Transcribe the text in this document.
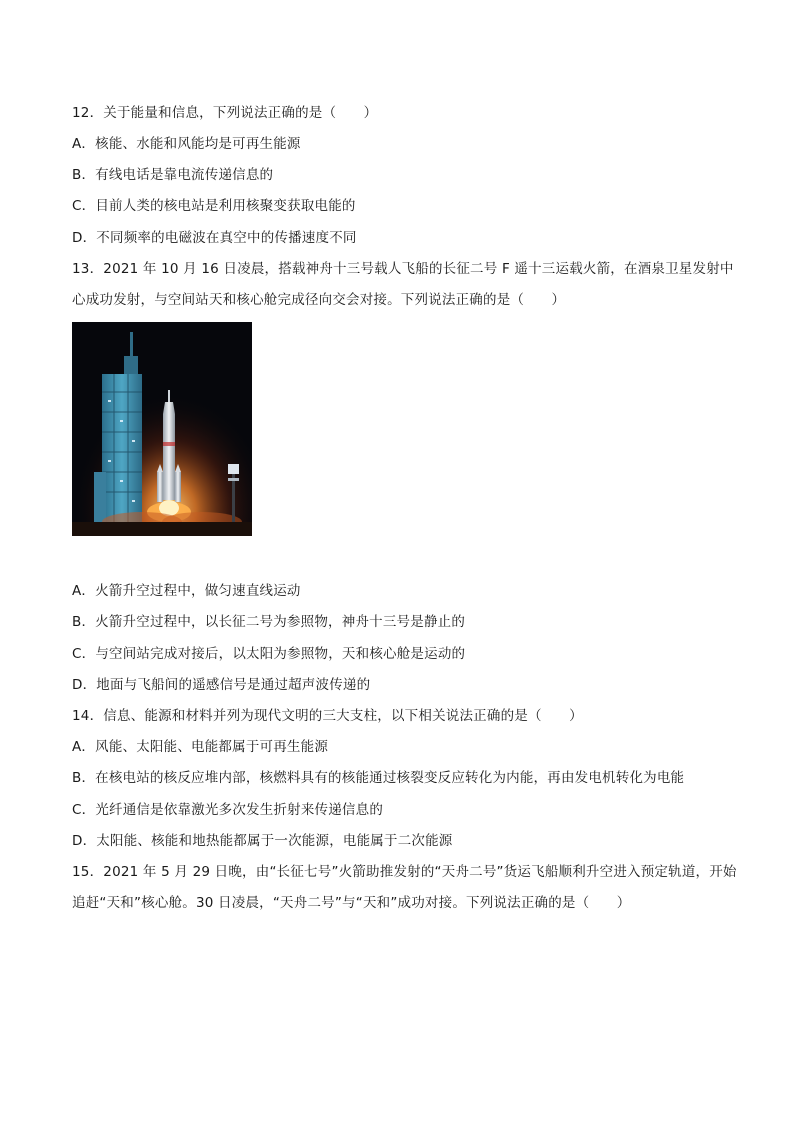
12．关于能量和信息，下列说法正确的是（　　）
A．核能、水能和风能均是可再生能源
B．有线电话是靠电流传递信息的
C．目前人类的核电站是利用核聚变获取电能的
D．不同频率的电磁波在真空中的传播速度不同
13．2021 年 10 月 16 日凌晨，搭载神舟十三号载人飞船的长征二号 F 遥十三运载火箭，在酒泉卫星发射中
心成功发射，与空间站天和核心舱完成径向交会对接。下列说法正确的是（　　）
A．火箭升空过程中，做匀速直线运动
B．火箭升空过程中，以长征二号为参照物，神舟十三号是静止的
C．与空间站完成对接后，以太阳为参照物，天和核心舱是运动的
D．地面与飞船间的遥感信号是通过超声波传递的
14．信息、能源和材料并列为现代文明的三大支柱，以下相关说法正确的是（　　）
A．风能、太阳能、电能都属于可再生能源
B．在核电站的核反应堆内部，核燃料具有的核能通过核裂变反应转化为内能，再由发电机转化为电能
C．光纤通信是依靠激光多次发生折射来传递信息的
D．太阳能、核能和地热能都属于一次能源，电能属于二次能源
15．2021 年 5 月 29 日晚，由“长征七号”火箭助推发射的“天舟二号”货运飞船顺利升空进入预定轨道，开始
追赶“天和”核心舱。30 日凌晨，“天舟二号”与“天和”成功对接。下列说法正确的是（　　）
